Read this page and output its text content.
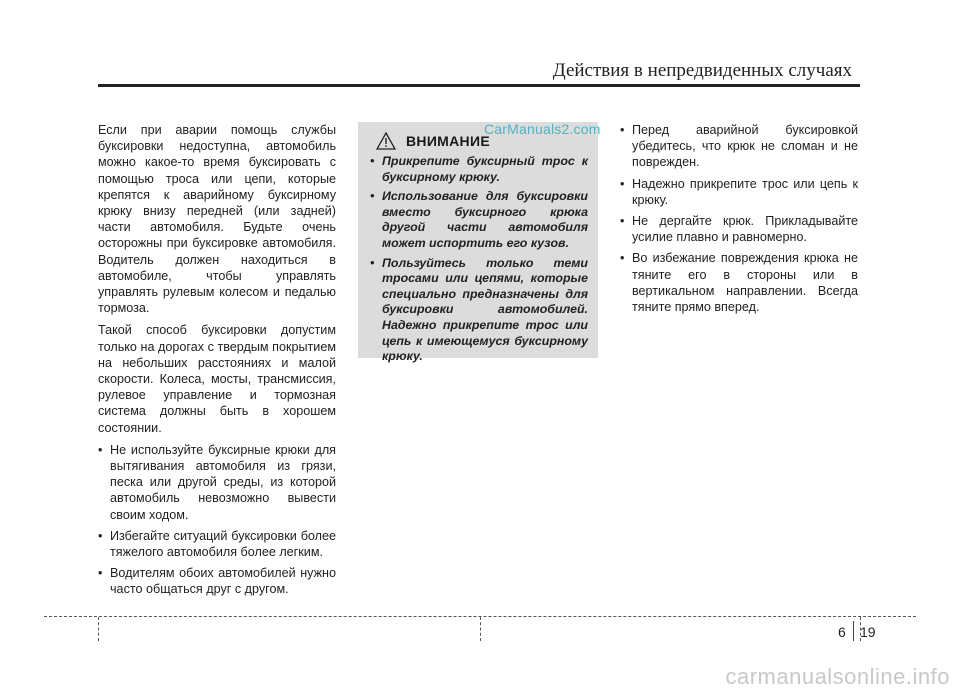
Действия в непредвиденных случаях

Если при аварии помощь службы буксировки недоступна, автомобиль можно какое-то время буксировать с помощью троса или цепи, которые крепятся к аварийному буксирному крюку внизу передней (или задней) части автомобиля. Будьте очень осторожны при буксировке автомобиля. Водитель должен находиться в автомобиле, чтобы управлять управлять рулевым колесом и педалью тормоза.

Такой способ буксировки допустим только на дорогах с твердым покрытием на небольших расстояниях и малой скорости. Колеса, мосты, трансмиссия, рулевое управление и тормозная система должны быть в хорошем состоянии.

• Не используйте буксирные крюки для вытягивания автомобиля из грязи, песка или другой среды, из которой автомобиль невозможно вывести своим ходом.
• Избегайте ситуаций буксировки более тяжелого автомобиля более легким.
• Водителям обоих автомобилей нужно часто общаться друг с другом.
ВНИМАНИЕ
• Прикрепите буксирный трос к буксирному крюку.
• Использование для буксировки вместо буксирного крюка другой части автомобиля может испортить его кузов.
• Пользуйтесь только теми тросами или цепями, которые специально предназначены для буксировки автомобилей. Надежно прикрепите трос или цепь к имеющемуся буксирному крюку.
CarManuals2.com
•	Перед аварийной буксировкой убедитесь, что крюк не сломан и не поврежден.
• Надежно прикрепите трос или цепь к крюку.
• Не дергайте крюк. Прикладывайте усилие плавно и равномерно.
• Во избежание повреждения крюка не тяните его в стороны или в вертикальном направлении. Всегда тяните прямо вперед.
6 19
carmanualsonline.info
